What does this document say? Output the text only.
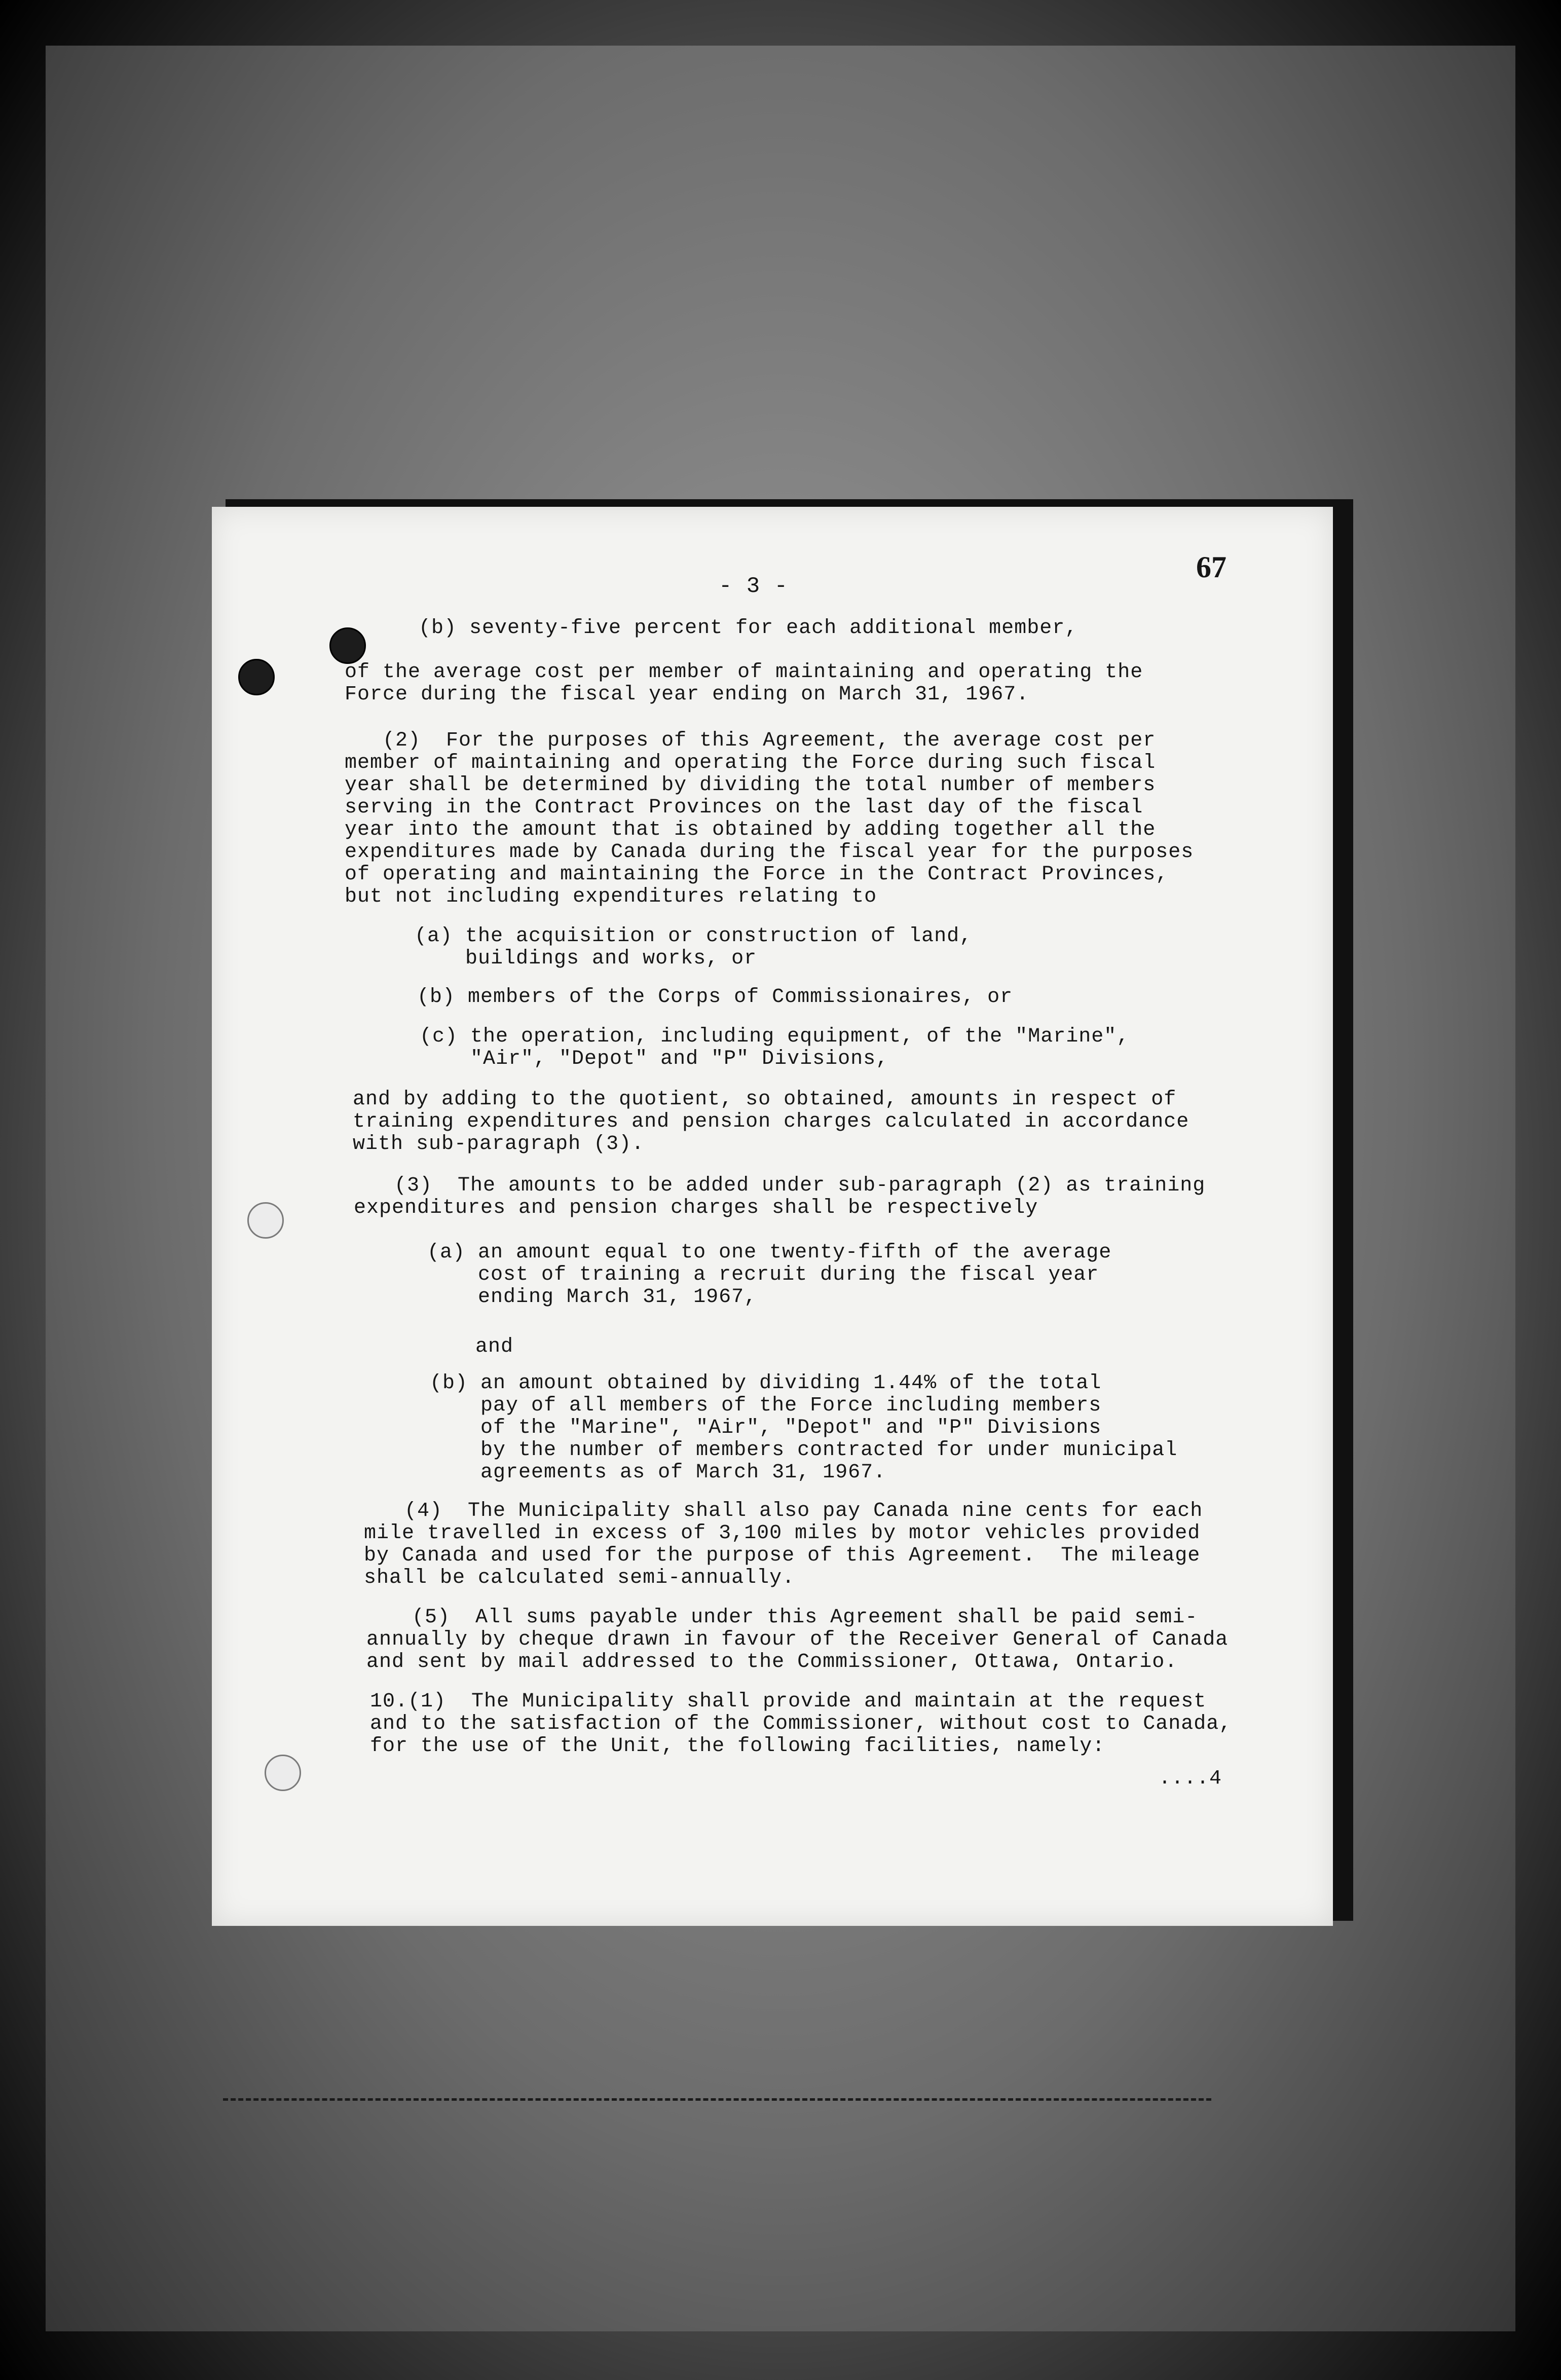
- 3 -
67
(b) seventy-five percent for each additional member,
of the average cost per member of maintaining and operating the
Force during the fiscal year ending on March 31, 1967.
(2)  For the purposes of this Agreement, the average cost per
member of maintaining and operating the Force during such fiscal
year shall be determined by dividing the total number of members
serving in the Contract Provinces on the last day of the fiscal
year into the amount that is obtained by adding together all the
expenditures made by Canada during the fiscal year for the purposes
of operating and maintaining the Force in the Contract Provinces,
but not including expenditures relating to
(a) the acquisition or construction of land,
buildings and works, or
(b) members of the Corps of Commissionaires, or
(c) the operation, including equipment, of the "Marine",
"Air", "Depot" and "P" Divisions,
and by adding to the quotient, so obtained, amounts in respect of
training expenditures and pension charges calculated in accordance
with sub-paragraph (3).
(3)  The amounts to be added under sub-paragraph (2) as training
expenditures and pension charges shall be respectively
(a) an amount equal to one twenty-fifth of the average
cost of training a recruit during the fiscal year
ending March 31, 1967,
and
(b) an amount obtained by dividing 1.44% of the total
pay of all members of the Force including members
of the "Marine", "Air", "Depot" and "P" Divisions
by the number of members contracted for under municipal
agreements as of March 31, 1967.
(4)  The Municipality shall also pay Canada nine cents for each
mile travelled in excess of 3,100 miles by motor vehicles provided
by Canada and used for the purpose of this Agreement.  The mileage
shall be calculated semi-annually.
(5)  All sums payable under this Agreement shall be paid semi-
annually by cheque drawn in favour of the Receiver General of Canada
and sent by mail addressed to the Commissioner, Ottawa, Ontario.
10.(1)  The Municipality shall provide and maintain at the request
and to the satisfaction of the Commissioner, without cost to Canada,
for the use of the Unit, the following facilities, namely:
....4
